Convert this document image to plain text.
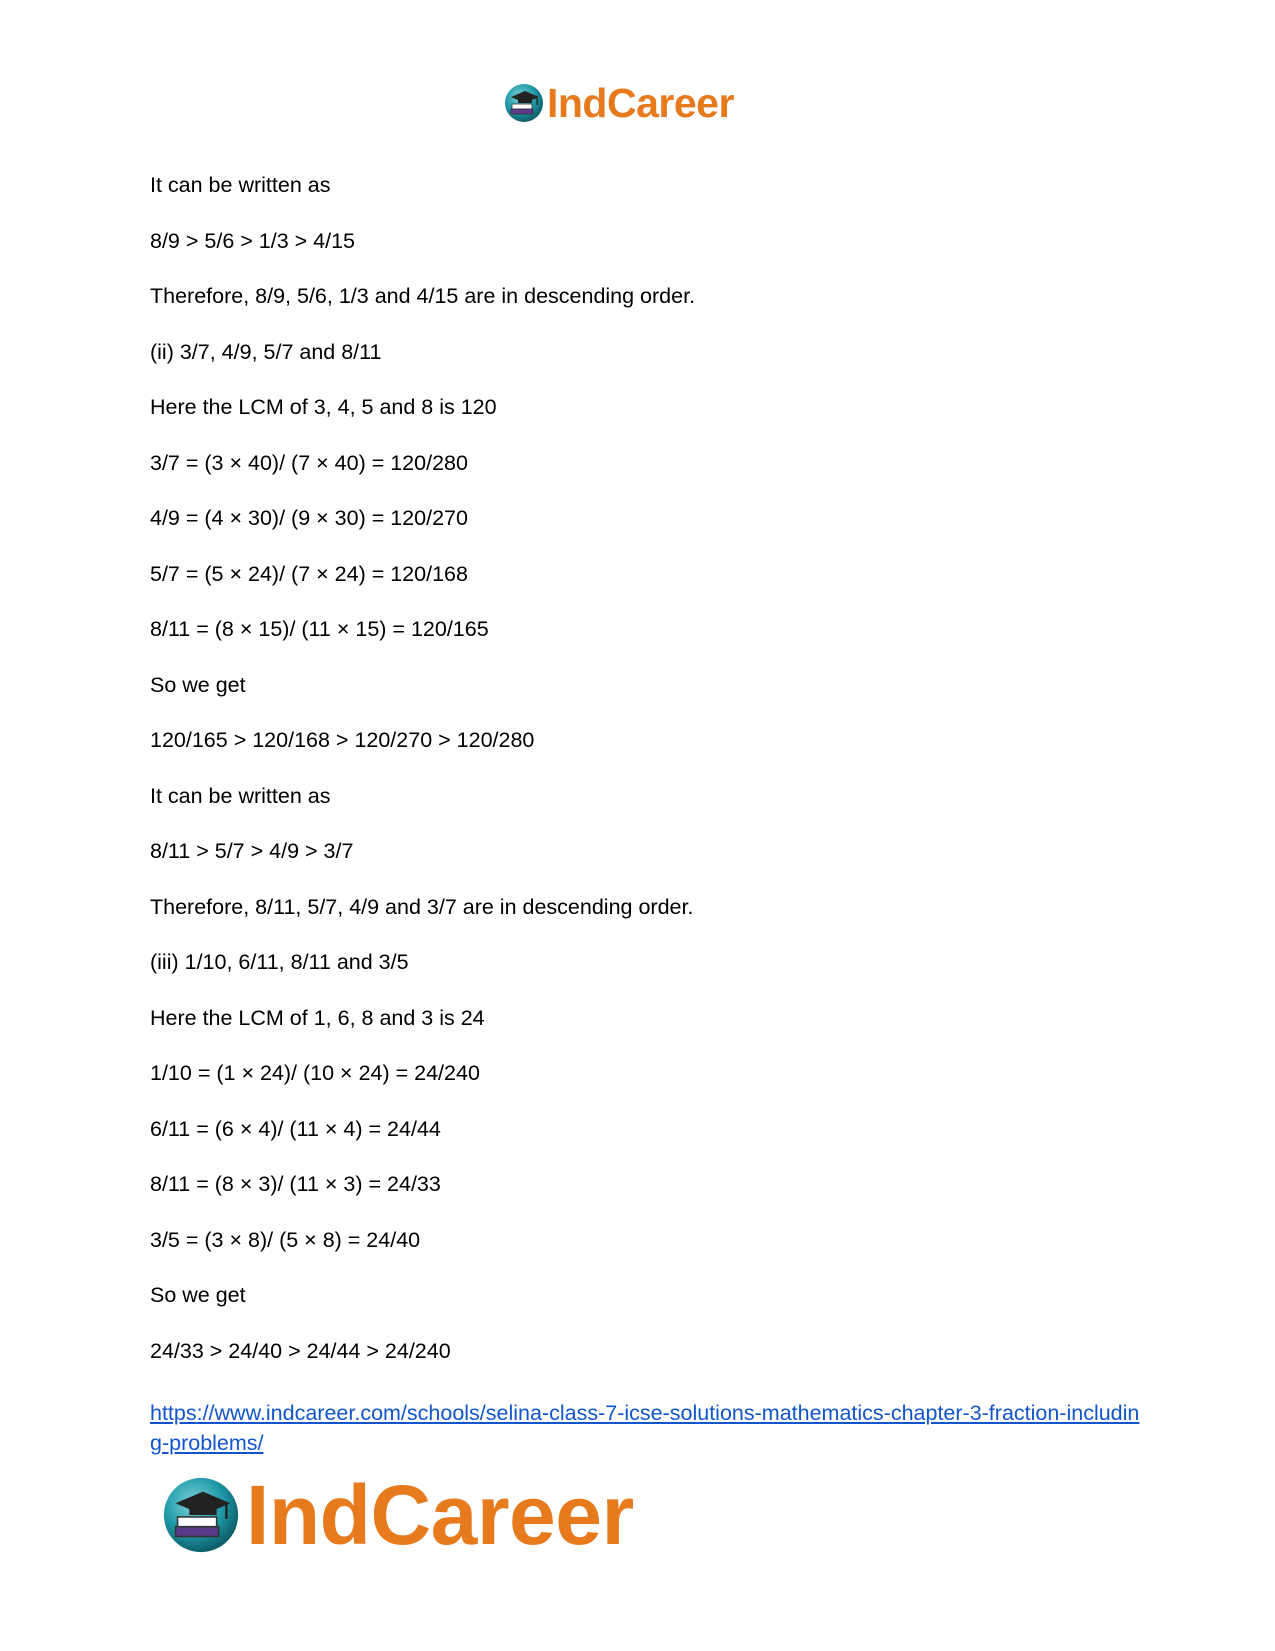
IndCareer

It can be written as

8/9 > 5/6 > 1/3 > 4/15

Therefore, 8/9, 5/6, 1/3 and 4/15 are in descending order.

(ii) 3/7, 4/9, 5/7 and 8/11

Here the LCM of 3, 4, 5 and 8 is 120

3/7 = (3 × 40)/ (7 × 40) = 120/280

4/9 = (4 × 30)/ (9 × 30) = 120/270

5/7 = (5 × 24)/ (7 × 24) = 120/168

8/11 = (8 × 15)/ (11 × 15) = 120/165

So we get

120/165 > 120/168 > 120/270 > 120/280

It can be written as

8/11 > 5/7 > 4/9 > 3/7

Therefore, 8/11, 5/7, 4/9 and 3/7 are in descending order.

(iii) 1/10, 6/11, 8/11 and 3/5

Here the LCM of 1, 6, 8 and 3 is 24

1/10 = (1 × 24)/ (10 × 24) = 24/240

6/11 = (6 × 4)/ (11 × 4) = 24/44

8/11 = (8 × 3)/ (11 × 3) = 24/33

3/5 = (3 × 8)/ (5 × 8) = 24/40

So we get

24/33 > 24/40 > 24/44 > 24/240

https://www.indcareer.com/schools/selina-class-7-icse-solutions-mathematics-chapter-3-fraction-including-problems/
IndCareer
